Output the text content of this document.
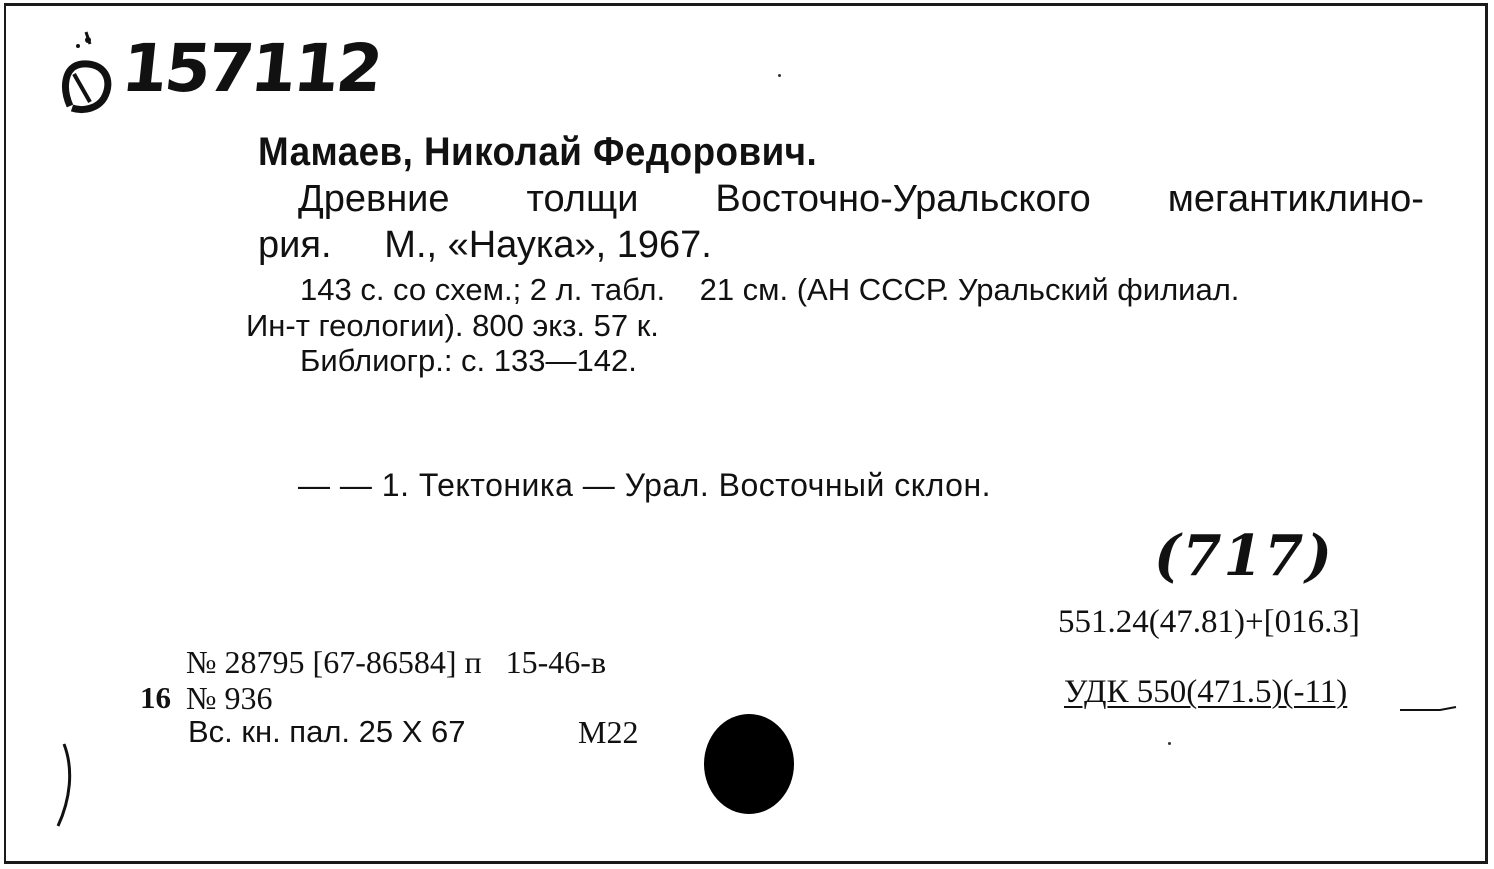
157112
Мамаев, Николай Федорович.
Древние толщи Восточно-Уральского мегантиклино-
рия.     М., «Наука», 1967.
143 с. со схем.; 2 л. табл.    21 см. (АН СССР. Уральский филиал.
Ин-т геологии). 800 экз. 57 к.
Библиогр.: с. 133—142.
— — 1. Тектоника — Урал. Восточный склон.
(717)
551.24(47.81)+[016.3]
УДК 550(471.5)(-11)
№ 28795 [67-86584] п   15-46-в
16 № 936
Вс. кн. пал. 25 X 67	М22
